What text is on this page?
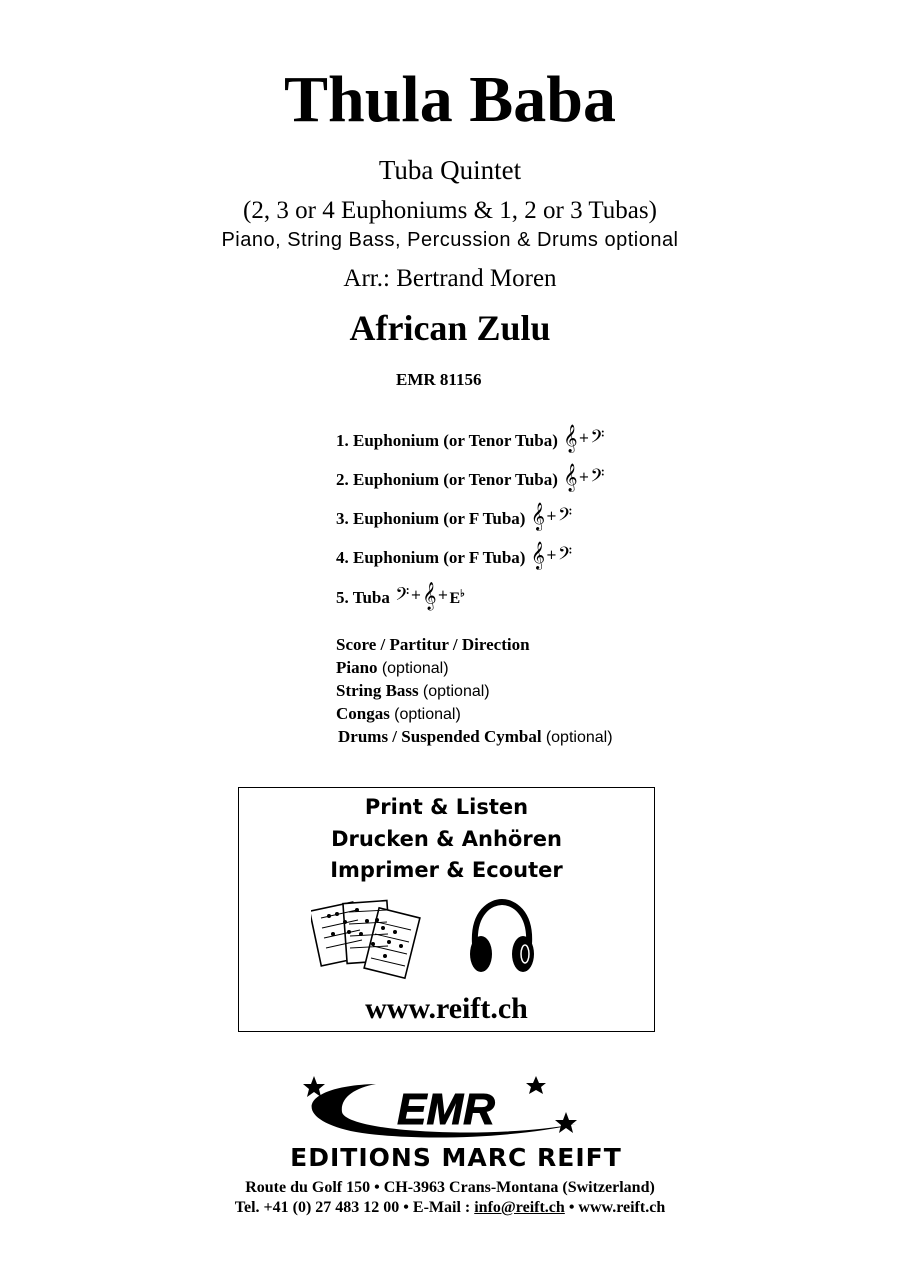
Thula Baba
Tuba Quintet
(2, 3 or 4 Euphoniums & 1, 2 or 3 Tubas)
Piano, String Bass, Percussion & Drums optional
Arr.: Bertrand Moren
African Zulu
EMR 81156
1. Euphonium (or Tenor Tuba) 𝄞+𝄢
2. Euphonium (or Tenor Tuba) 𝄞+𝄢
3. Euphonium (or F Tuba) 𝄞+𝄢
4. Euphonium (or F Tuba) 𝄞+𝄢
5. Tuba 𝄢+𝄞+E♭
Score / Partitur / Direction
Piano (optional)
String Bass (optional)
Congas (optional)
Drums / Suspended Cymbal (optional)
Print & Listen
Drucken & Anhören
Imprimer & Ecouter
www.reift.ch
EMR
EDITIONS MARC REIFT
Route du Golf 150 • CH-3963 Crans-Montana (Switzerland)
Tel. +41 (0) 27 483 12 00 • E-Mail : info@reift.ch • www.reift.ch
